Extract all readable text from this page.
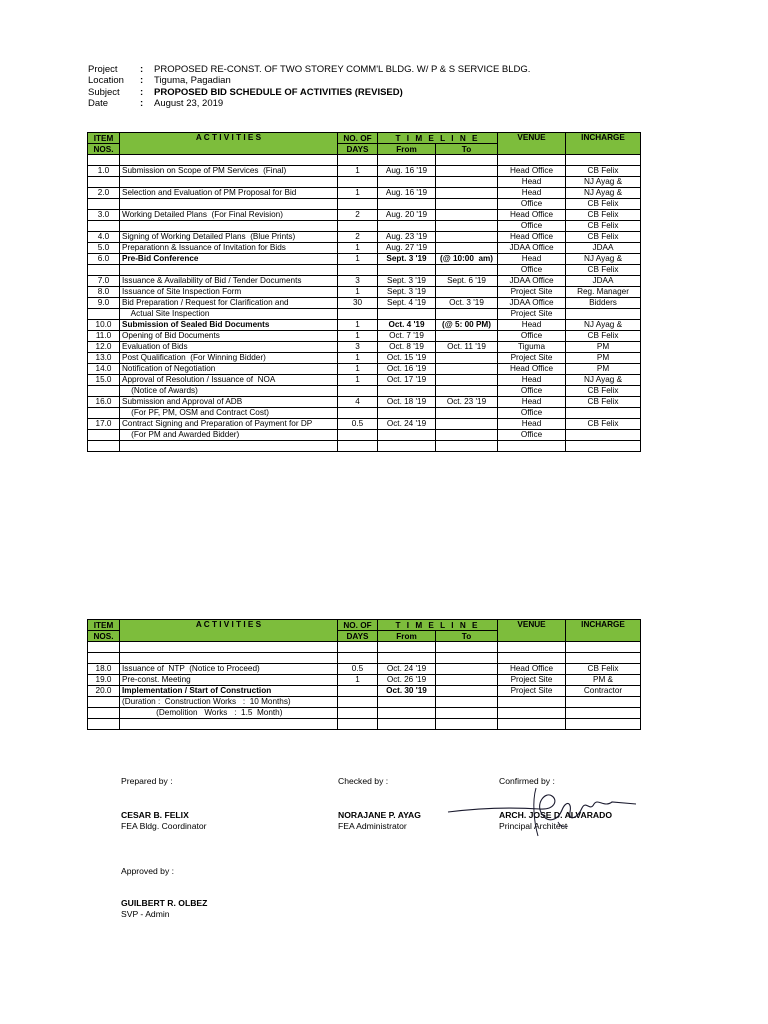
Project	:	PROPOSED RE-CONST. OF TWO STOREY COMM'L BLDG. W/ P & S SERVICE BLDG.
Location	:	Tiguma, Pagadian
Subject	:	PROPOSED BID SCHEDULE OF ACTIVITIES (REVISED)
Date	:	August 23, 2019
ITEM	A C T I V I T I E S	NO. OF	T I M E L I N E		VENUE	INCHARGE
NOS.		DAYS	From	To		

1.0	Submission on Scope of PM Services  (Final)	1	Aug. 16 '19		Head Office	CB Felix
					Head	NJ Ayag &
2.0	Selection and Evaluation of PM Proposal for Bid	1	Aug. 16 '19		Head	NJ Ayag &
					Office	CB Felix
3.0	Working Detailed Plans  (For Final Revision)	2	Aug. 20 '19		Head Office	CB Felix
					Office	CB Felix
4.0	Signing of Working Detailed Plans  (Blue Prints)	2	Aug. 23 '19		Head Office	CB Felix
5.0	Preparationn & Issuance of Invitation for Bids	1	Aug. 27 '19		JDAA Office	JDAA
6.0	Pre-Bid Conference	1	Sept. 3 '19	(@ 10:00  am)	Head	NJ Ayag &
					Office	CB Felix
7.0	Issuance & Availability of Bid / Tender Documents	3	Sept. 3 '19	Sept. 6 '19	JDAA Office	JDAA
8.0	Issuance of Site Inspection Form	1	Sept. 3 '19		Project Site	Reg. Manager
9.0	Bid Preparation / Request for Clarification and	30	Sept. 4 '19	Oct. 3 '19	JDAA Office	Bidders
	Actual Site Inspection				Project Site	
10.0	Submission of Sealed Bid Documents	1	Oct. 4 '19	(@ 5: 00 PM)	Head	NJ Ayag &
11.0	Opening of Bid Documents	1	Oct. 7 '19		Office	CB Felix
12.0	Evaluation of Bids	3	Oct. 8 '19	Oct. 11 '19	Tiguma	PM
13.0	Post Qualification  (For Winning Bidder)	1	Oct. 15 '19		Project Site	PM
14.0	Notification of Negotiation	1	Oct. 16 '19		Head Office	PM
15.0	Approval of Resolution / Issuance of  NOA	1	Oct. 17 '19		Head	NJ Ayag &
	(Notice of Awards)				Office	CB Felix
16.0	Submission and Approval of ADB	4	Oct. 18 '19	Oct. 23 '19	Head	CB Felix
	(For PF, PM, OSM and Contract Cost)				Office	
17.0	Contract Signing and Preparation of Payment for DP	0.5	Oct. 24 '19		Head	CB Felix
	(For PM and Awarded Bidder)				Office	

ITEM	A C T I V I T I E S	NO. OF	T I M E L I N E		VENUE	INCHARGE
NOS.		DAYS	From	To		

18.0	Issuance of  NTP  (Notice to Proceed)	0.5	Oct. 24 '19		Head Office	CB Felix
19.0	Pre-const. Meeting	1	Oct. 26 '19		Project Site	PM &
20.0	Implementation / Start of Construction		Oct. 30 '19		Project Site	Contractor
	(Duration :  Construction Works   :  10 Months)					
	(Demolition   Works   :  1.5  Month)					

Prepared by :	Checked by :	Confirmed by :
CESAR B. FELIX
FEA Bldg. Coordinator
NORAJANE P. AYAG
FEA Administrator
ARCH. JOSE D. ALVARADO
Principal Architect
Approved by :
GUILBERT R. OLBEZ
SVP - Admin
